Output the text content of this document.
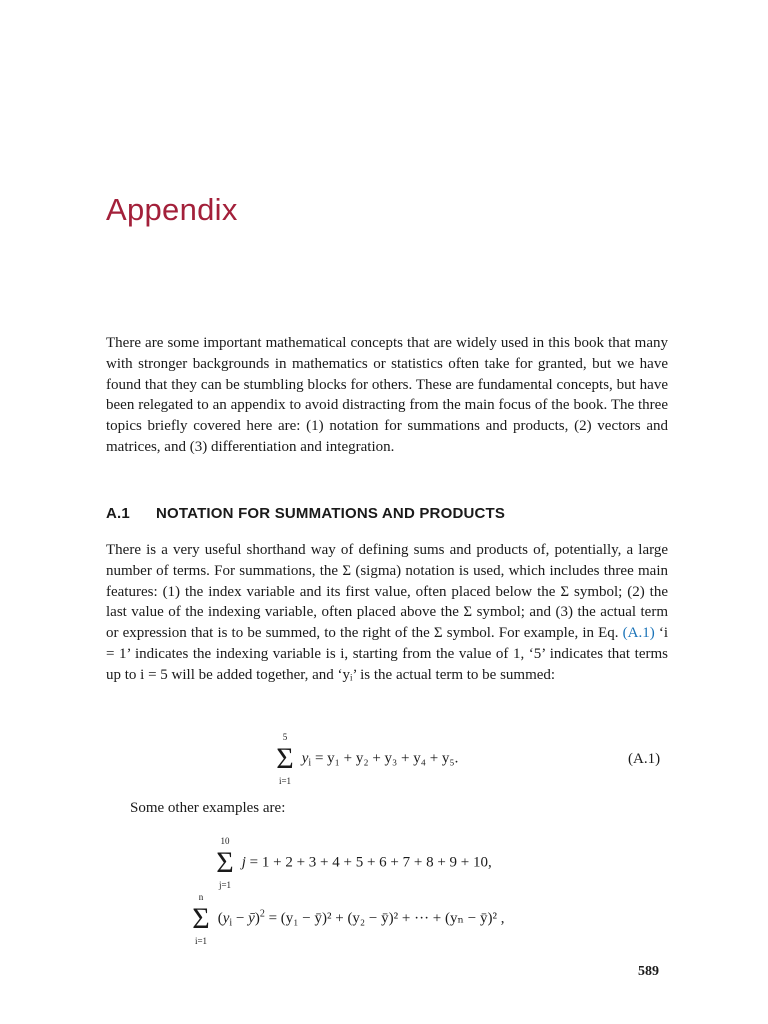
Appendix

There are some important mathematical concepts that are widely used in this book that many with stronger backgrounds in mathematics or statistics often take for granted, but we have found that they can be stumbling blocks for others. These are fundamental concepts, but have been relegated to an appendix to avoid distracting from the main focus of the book. The three topics briefly covered here are: (1) notation for summations and products, (2) vectors and matrices, and (3) differentiation and integration.

A.1 NOTATION FOR SUMMATIONS AND PRODUCTS

There is a very useful shorthand way of defining sums and products of, potentially, a large number of terms. For summations, the Σ (sigma) notation is used, which includes three main features: (1) the index variable and its first value, often placed below the Σ symbol; (2) the last value of the indexing variable, often placed above the Σ symbol; and (3) the actual term or expression that is to be summed, to the right of the Σ symbol. For example, in Eq. (A.1) ‘i = 1’ indicates the indexing variable is i, starting from the value of 1, ‘5’ indicates that terms up to i = 5 will be added together, and ‘yᵢ’ is the actual term to be summed:

5
Σ
i=1
$y_i = y_1 + y_2 + y_3 + y_4 + y_5$.	(A.1)
Some other examples are:
10
Σ
j=1
j = 1 + 2 + 3 + 4 + 5 + 6 + 7 + 8 + 9 + 10,
n
Σ
i=1
($y_i$ − ȳ)$^2$ = (y₁ − ȳ)² + (y₂ − ȳ)² + ··· + (yₙ − ȳ)² ,
589
